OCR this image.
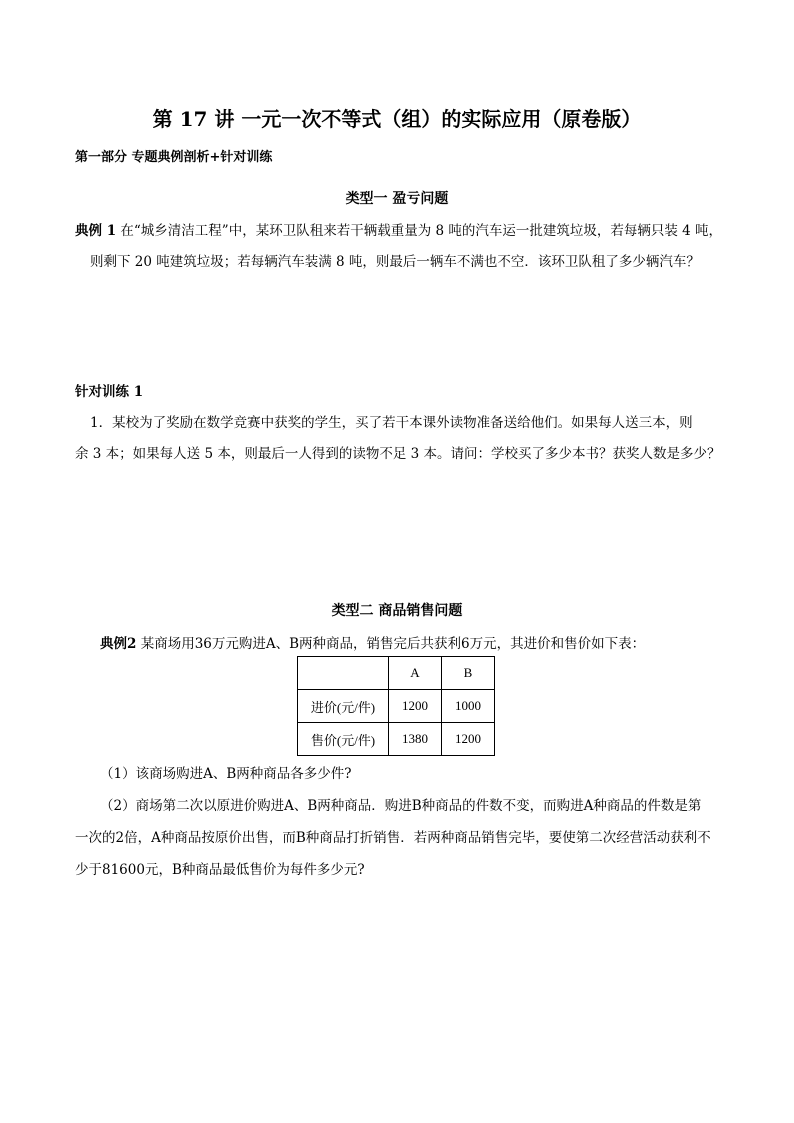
第 17 讲 一元一次不等式（组）的实际应用（原卷版）
第一部分 专题典例剖析+针对训练
类型一 盈亏问题
典例 1 在“城乡清洁工程”中，某环卫队租来若干辆载重量为 8 吨的汽车运一批建筑垃圾，若每辆只装 4 吨，
则剩下 20 吨建筑垃圾；若每辆汽车装满 8 吨，则最后一辆车不满也不空．该环卫队租了多少辆汽车？
针对训练 1
1．某校为了奖励在数学竞赛中获奖的学生，买了若干本课外读物准备送给他们。如果每人送三本，则
余 3 本；如果每人送 5 本，则最后一人得到的读物不足 3 本。请问：学校买了多少本书？获奖人数是多少？
类型二 商品销售问题
典例2 某商场用36万元购进A、B两种商品，销售完后共获利6万元，其进价和售价如下表：
	A	B
进价(元/件)	1200	1000
售价(元/件)	1380	1200
（1）该商场购进A、B两种商品各多少件?
（2）商场第二次以原进价购进A、B两种商品．购进B种商品的件数不变，而购进A种商品的件数是第
一次的2倍，A种商品按原价出售，而B种商品打折销售．若两种商品销售完毕，要使第二次经营活动获利不
少于81600元，B种商品最低售价为每件多少元?
